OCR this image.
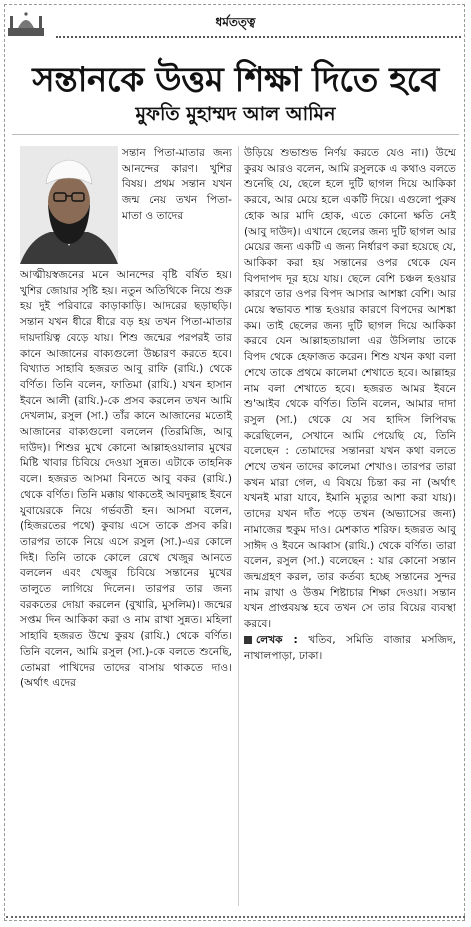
ধর্মতত্ত্ব
সন্তানকে উত্তম শিক্ষা দিতে হবে
মুফতি মুহাম্মদ আল আমিন

সন্তান পিতা-মাতার জন্য আনন্দের কারণ। খুশির বিষয়। প্রথম সন্তান যখন জন্ম নেয় তখন পিতা-মাতা ও তাদের

আত্মীয়স্বজনের মনে আনন্দের বৃষ্টি বর্ষিত হয়। খুশির জোয়ার সৃষ্টি হয়। নতুন অতিথিকে নিয়ে শুরু হয় দুই পরিবারে কাড়াকাড়ি। আদরের ছড়াছড়ি। সন্তান যখন ধীরে ধীরে বড় হয় তখন পিতা-মাতার দায়দায়িত্ব বেড়ে যায়। শিশু জন্মের পরপরই তার কানে আজানের বাক্যগুলো উচ্চারণ করতে হবে। বিখ্যাত সাহাবি হজরত আবু রাফি (রাযি.) থেকে বর্ণিত। তিনি বলেন, ফাতিমা (রাযি.) যখন হাসান ইবনে আলী (রাযি.)-কে প্রসব করলেন তখন আমি দেখলাম, রসুল (সা.) তাঁর কানে আজানের মতোই আজানের বাক্যগুলো বললেন (তিরমিজি, আবু দাউদ)। শিশুর মুখে কোনো আল্লাহওয়ালার মুখের মিষ্টি খাবার চিবিয়ে দেওয়া সুন্নত। এটাকে তাহনিক বলে। হজরত আসমা বিনতে আবু বকর (রাযি.) থেকে বর্ণিত। তিনি মক্কায় থাকতেই আবদুল্লাহ ইবনে যুবায়েরকে নিয়ে গর্ভবতী হন। আসমা বলেন, (হিজরতের পথে) কুবায় এসে তাকে প্রসব করি। তারপর তাকে নিয়ে এসে রসুল (সা.)-এর কোলে দিই। তিনি তাকে কোলে রেখে খেজুর আনতে বললেন এবং খেজুর চিবিয়ে সন্তানের মুখের তালুতে লাগিয়ে দিলেন। তারপর তার জন্য বরকতের দোয়া করলেন (বুখারি, মুসলিম)। জন্মের সপ্তম দিন আকিকা করা ও নাম রাখা সুন্নত। মহিলা সাহাবি হজরত উম্মে কুরয (রাযি.) থেকে বর্ণিত। তিনি বলেন, আমি রসুল (সা.)-কে বলতে শুনেছি, তোমরা পাখিদের তাদের বাসায় থাকতে দাও। (অর্থাৎ এদের

উড়িয়ে শুভাশুভ নির্ণয় করতে যেও না।) উম্মে কুরয আরও বলেন, আমি রসুলকে এ কথাও বলতে শুনেছি যে, ছেলে হলে দুটি ছাগল দিয়ে আকিকা করবে, আর মেয়ে হলে একটি দিয়ে। এগুলো পুরুষ হোক আর মাদি হোক, এতে কোনো ক্ষতি নেই (আবু দাউদ)। এখানে ছেলের জন্য দুটি ছাগল আর মেয়ের জন্য একটি এ জন্য নির্ধারণ করা হয়েছে যে, আকিকা করা হয় সন্তানের ওপর থেকে যেন বিপদাপদ দূর হয়ে যায়। ছেলে বেশি চঞ্চল হওয়ার কারণে তার ওপর বিপদ আসার আশঙ্কা বেশি। আর মেয়ে স্বভাবত শান্ত হওয়ার কারণে বিপদের আশঙ্কা কম। তাই ছেলের জন্য দুটি ছাগল দিয়ে আকিকা করবে যেন আল্লাহতায়ালা এর উসিলায় তাকে বিপদ থেকে হেফাজত করেন। শিশু যখন কথা বলা শেখে তাকে প্রথমে কালেমা শেখাতে হবে। আল্লাহর নাম বলা শেখাতে হবে। হজরত আমর ইবনে শু'আইব থেকে বর্ণিত। তিনি বলেন, আমার দাদা রসুল (সা.) থেকে যে সব হাদিস লিপিবদ্ধ করেছিলেন, সেখানে আমি পেয়েছি যে, তিনি বলেছেন : তোমাদের সন্তানরা যখন কথা বলতে শেখে তখন তাদের কালেমা শেখাও। তারপর তারা কখন মারা গেল, এ বিষয়ে চিন্তা কর না (অর্থাৎ যখনই মারা যাবে, ইমানি মৃত্যুর আশা করা যায়)। তাদের যখন দাঁত পড়ে তখন (অভ্যাসের জন্য) নামাজের হুকুম দাও। মেশকাত শরিফ। হজরত আবু সাঈদ ও ইবনে আব্বাস (রাযি.) থেকে বর্ণিত। তারা বলেন, রসুল (সা.) বলেছেন : যার কোনো সন্তান জন্মগ্রহণ করল, তার কর্তব্য হচ্ছে সন্তানের সুন্দর নাম রাখা ও উত্তম শিষ্টাচার শিক্ষা দেওয়া। সন্তান যখন প্রাপ্তবয়স্ক হবে তখন সে তার বিয়ের ব্যবস্থা করবে।

লেখক : খতিব, সমিতি বাজার মসজিদ, নাখালপাড়া, ঢাকা।
